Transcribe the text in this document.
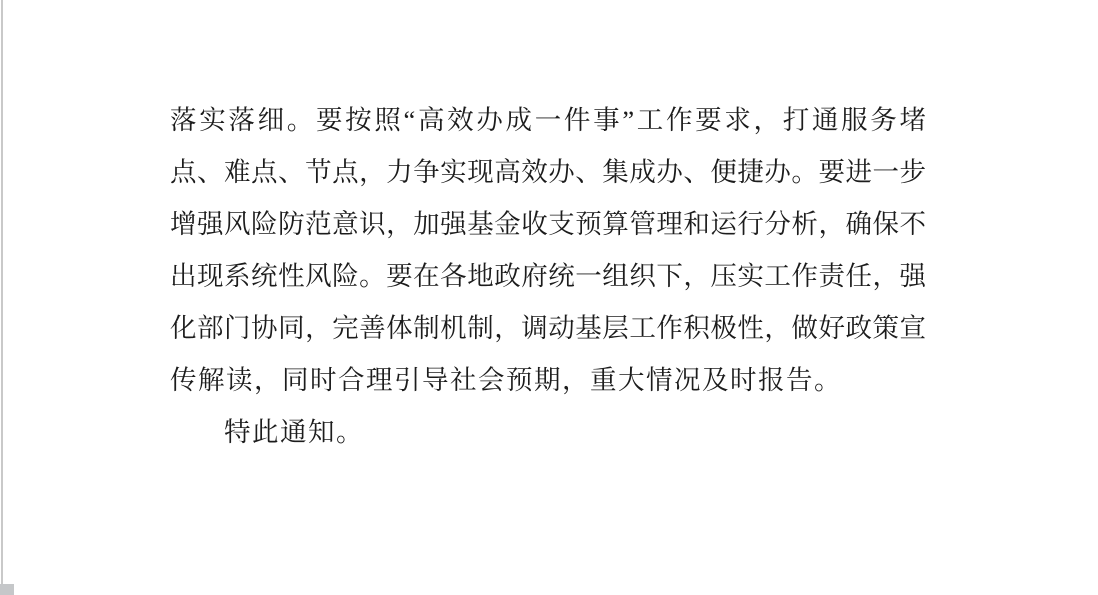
落实落细。要按照“高效办成一件事”工作要求，打通服务堵
点、难点、节点，力争实现高效办、集成办、便捷办。要进一步
增强风险防范意识，加强基金收支预算管理和运行分析，确保不
出现系统性风险。要在各地政府统一组织下，压实工作责任，强
化部门协同，完善体制机制，调动基层工作积极性，做好政策宣
传解读，同时合理引导社会预期，重大情况及时报告。
特此通知。
